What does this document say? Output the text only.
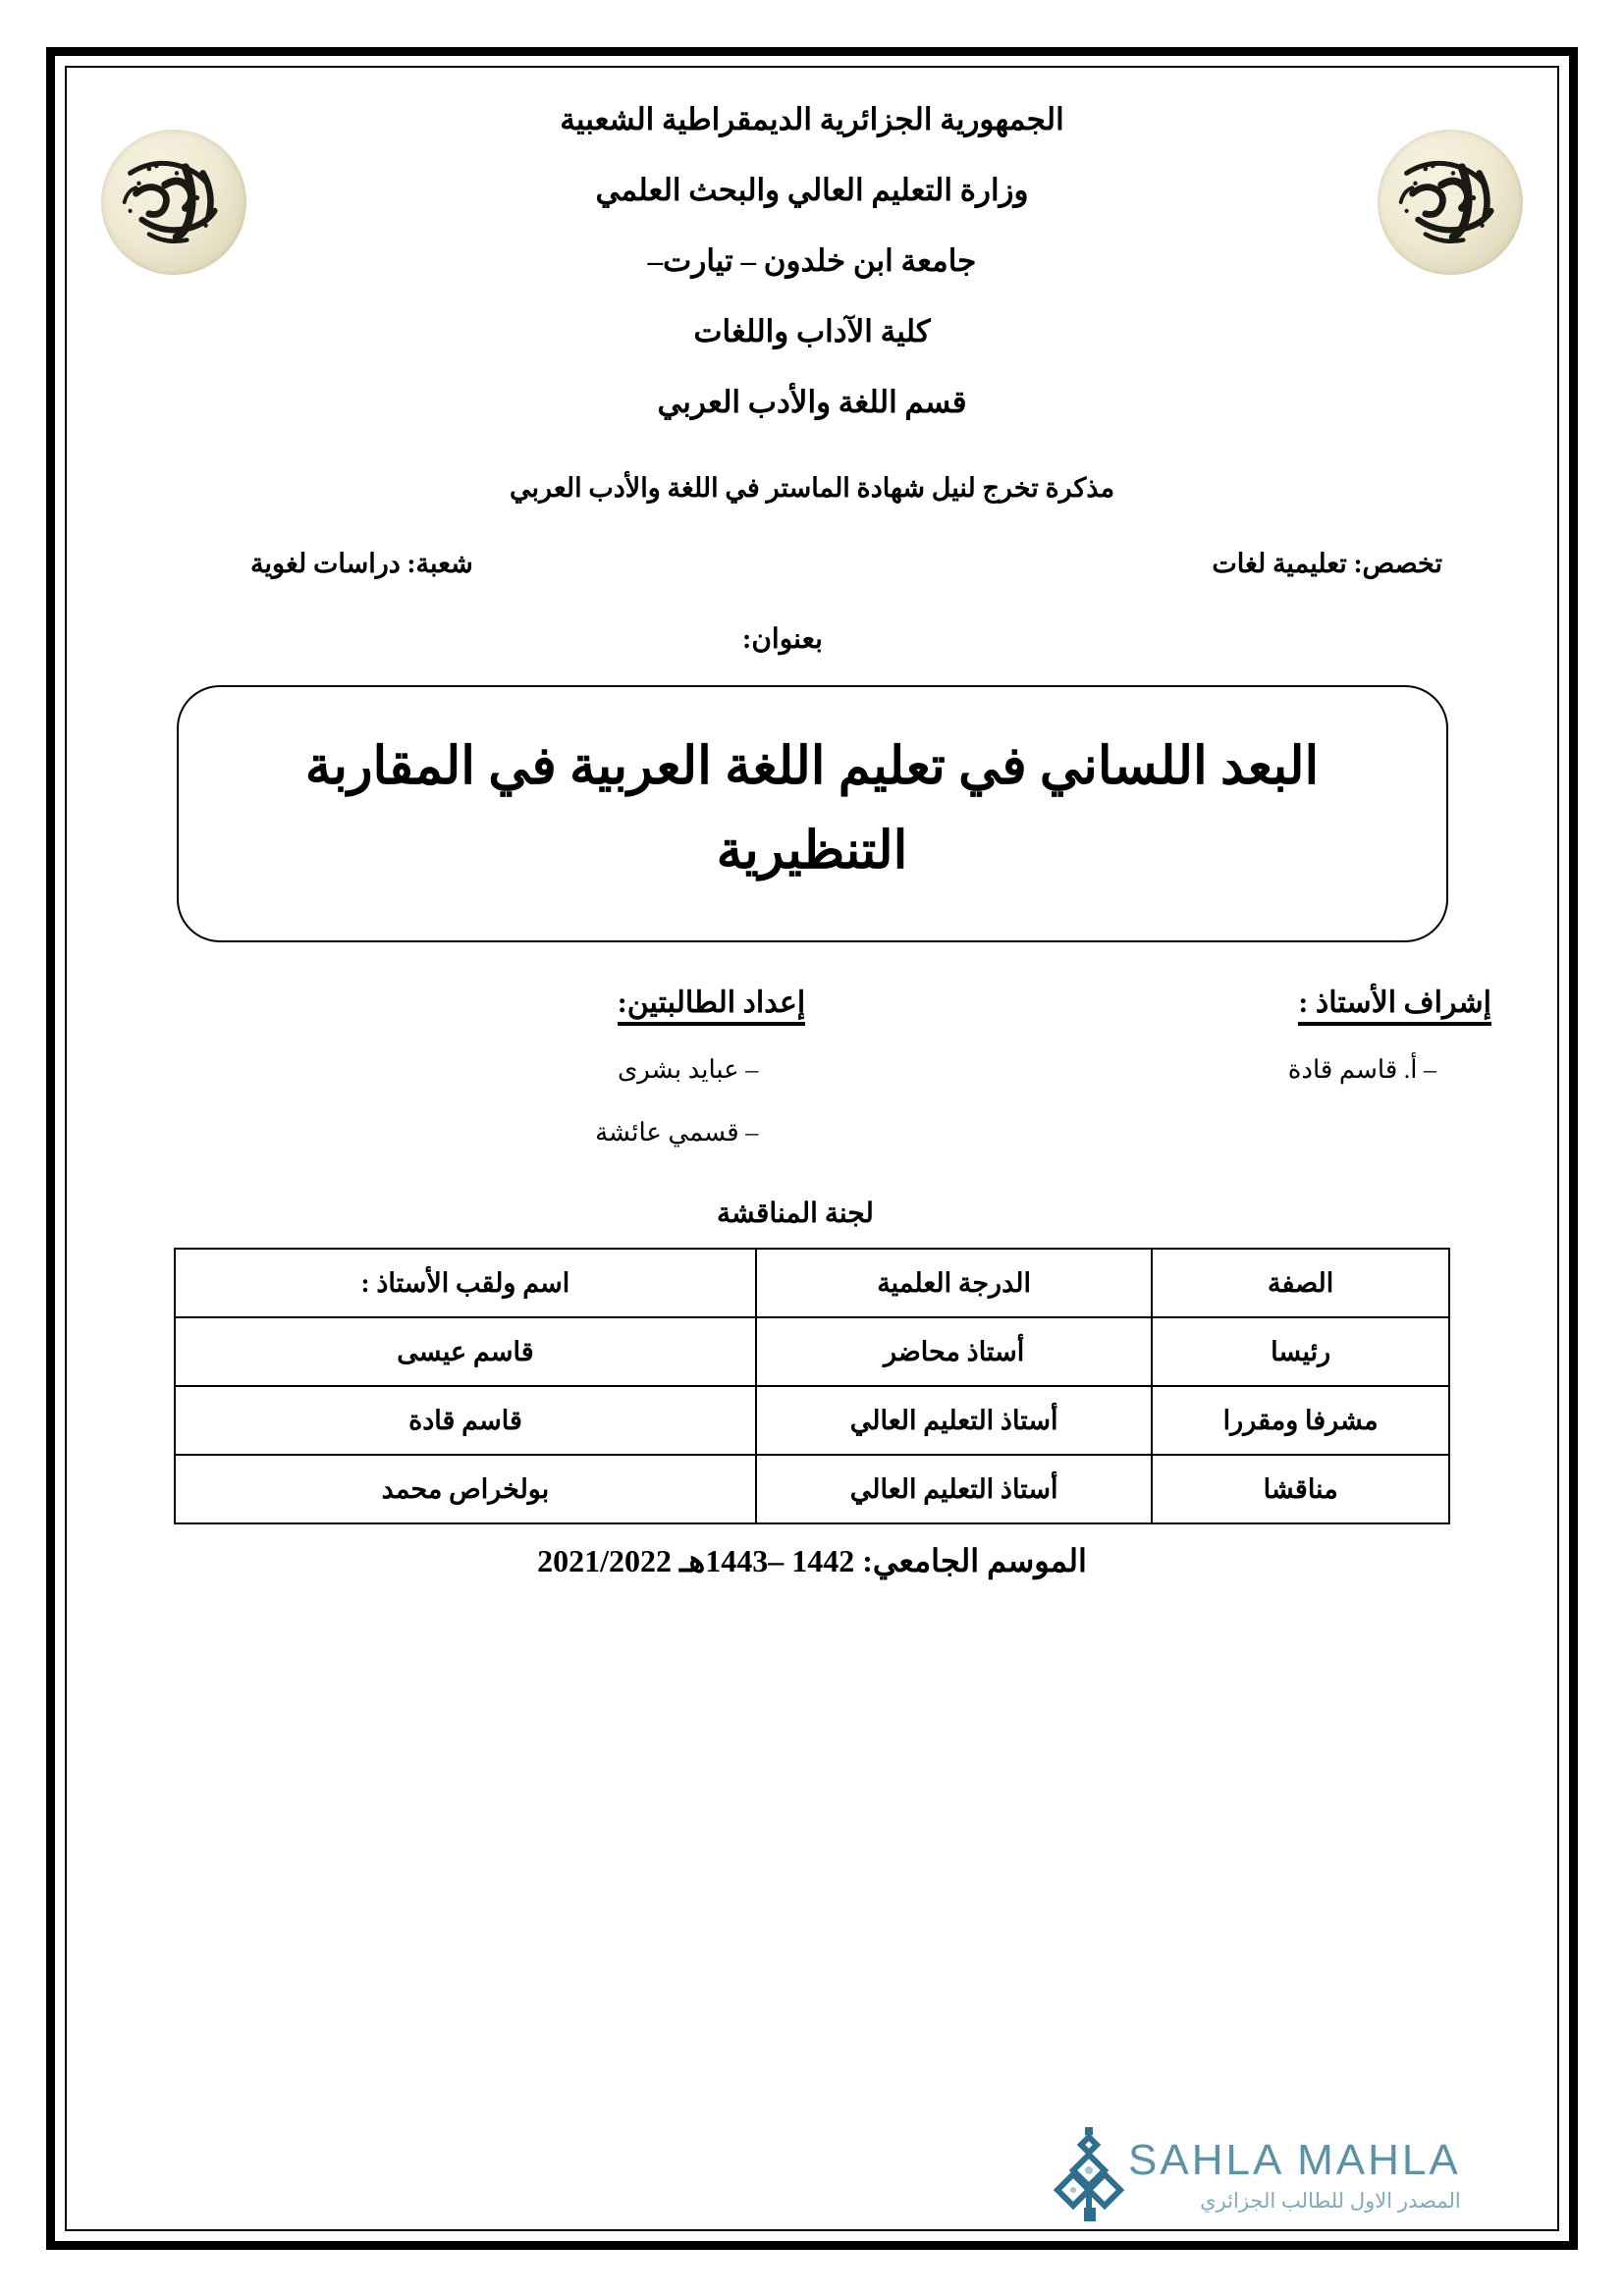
الجمهورية الجزائرية الديمقراطية الشعبية
وزارة التعليم العالي والبحث العلمي
جامعة ابن خلدون – تيارت–
كلية الآداب واللغات
قسم اللغة والأدب العربي
مذكرة تخرج لنيل شهادة الماستر في اللغة والأدب العربي
تخصص: تعليمية لغات
شعبة: دراسات لغوية
بعنوان:
البعد اللساني في تعليم اللغة العربية في المقاربة التنظيرية
إشراف الأستاذ :
– أ. قاسم قادة
إعداد الطالبتين:
– عباید بشرى
– قسمي عائشة
لجنة المناقشة
الصفة	الدرجة العلمية	اسم ولقب الأستاذ :
رئيسا	أستاذ محاضر	قاسم عيسى
مشرفا ومقررا	أستاذ التعليم العالي	قاسم قادة
مناقشا	أستاذ التعليم العالي	بولخراص محمد
الموسم الجامعي: 1442 –1443هـ 2021/2022
SAHLA MAHLA
المصدر الاول للطالب الجزائري
